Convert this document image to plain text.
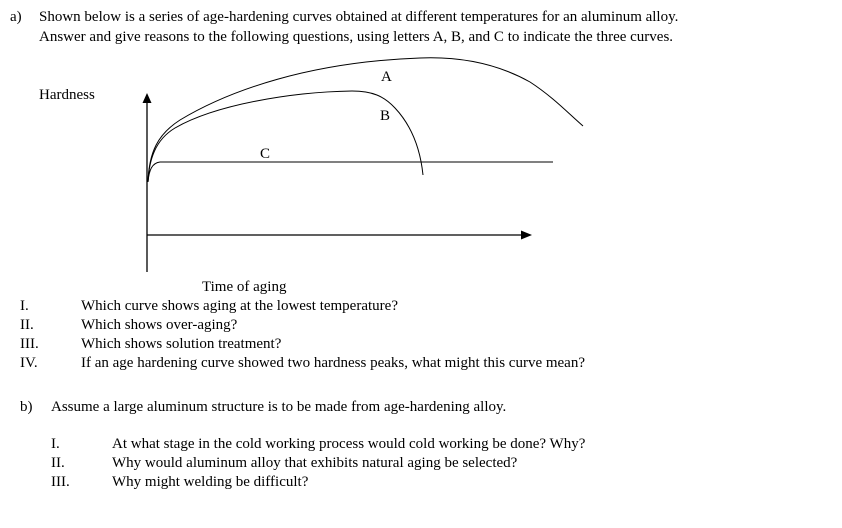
a) Shown below is a series of age-hardening curves obtained at different temperatures for an aluminum alloy.
Answer and give reasons to the following questions, using letters A, B, and C to indicate the three curves.
Hardness
A
B
C
Time of aging
I.	Which curve shows aging at the lowest temperature?
II.	Which shows over-aging?
III.	Which shows solution treatment?
IV.	If an age hardening curve showed two hardness peaks, what might this curve mean?
b) Assume a large aluminum structure is to be made from age-hardening alloy.
I.	At what stage in the cold working process would cold working be done? Why?
II.	Why would aluminum alloy that exhibits natural aging be selected?
III.	Why might welding be difficult?
